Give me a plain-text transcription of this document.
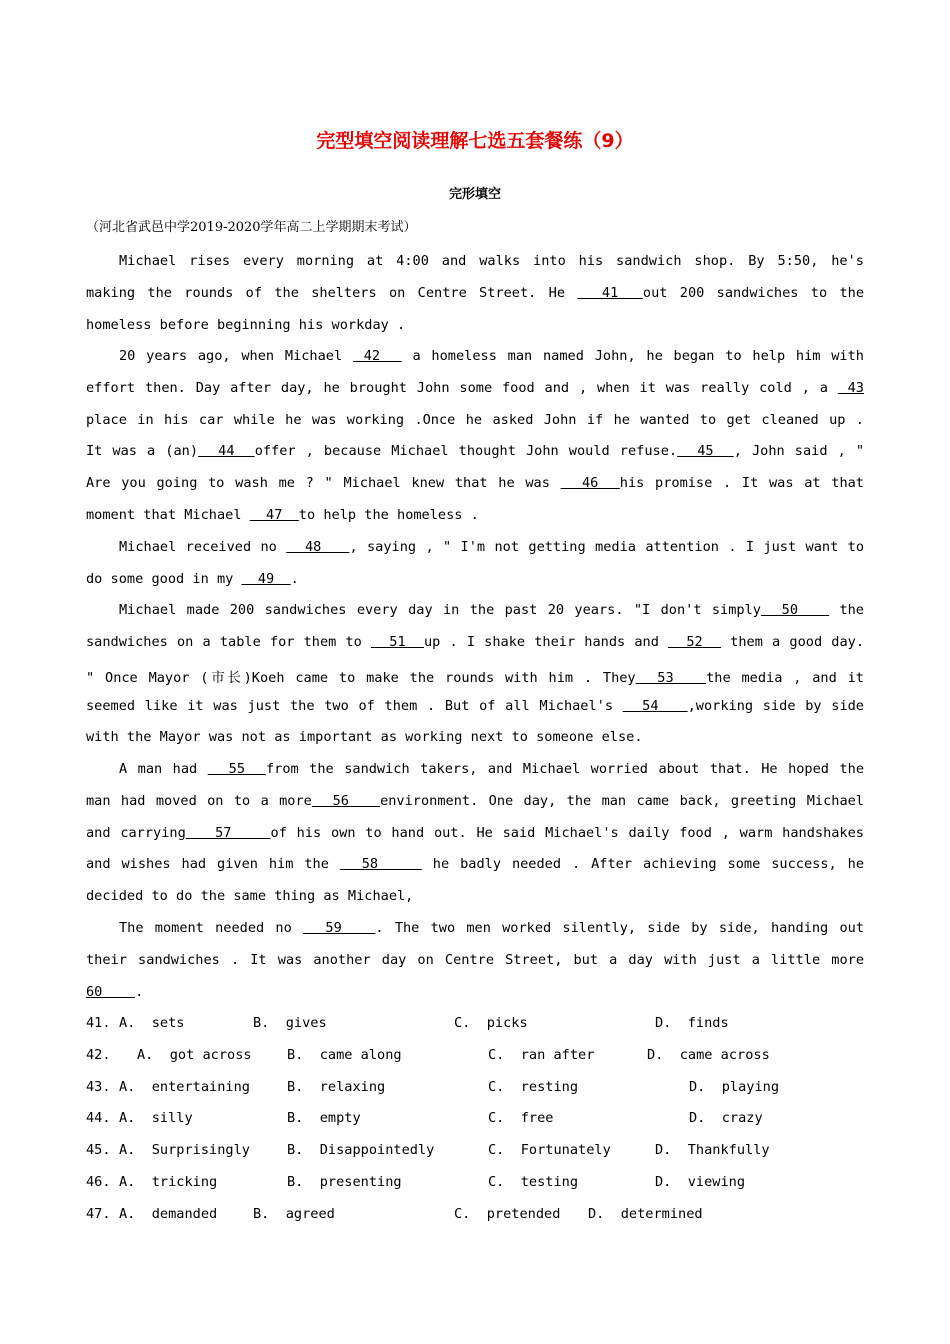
完型填空阅读理解七选五套餐练（9）
完形填空
（河北省武邑中学2019-2020学年高二上学期期末考试）
Michael rises every morning at 4:00 and walks into his sandwich shop. By 5:50, he's
making the rounds of the shelters on Centre Street. He   41  out 200 sandwiches to the
homeless before beginning his workday .
20 years ago, when Michael  42   a homeless man named John, he began to help him with
effort then. Day after day, he brought John some food and , when it was really cold , a  43
place in his car while he was working .Once he asked John if he wanted to get cleaned up .
It was a (an)  44  offer , because Michael thought John would refuse.  45  , John said , "
Are you going to wash me ? " Michael knew that he was   46  his promise . It was at that
moment that Michael   47  to help the homeless .
Michael received no   48   , saying , " I'm not getting media attention . I just want to
do some good in my   49  .
Michael made 200 sandwiches every day in the past 20 years. "I don't simply  50    the
sandwiches on a table for them to   51  up . I shake their hands and   52   them a good day.
" Once Mayor (市长)Koeh came to make the rounds with him . They  53   the media , and it
seemed like it was just the two of them . But of all Michael's   54   ,working side by side
with the Mayor was not as important as working next to someone else.
A man had   55  from the sandwich takers, and Michael worried about that. He hoped the
man had moved on to a more  56   environment. One day, the man came back, greeting Michael
and carrying   57    of his own to hand out. He said Michael's daily food , warm handshakes
and wishes had given him the   58     he badly needed . After achieving some success, he
decided to do the same thing as Michael,
The moment needed no   59   . The two men worked silently, side by side, handing out
their sandwiches . It was another day on Centre Street, but a day with just a little more
60    .
41. A.  sets	B.  gives	C.  picks	D.  finds
42. A.  got across	B.  came along	C.  ran after	D.  came across
43. A.  entertaining	B.  relaxing	C.  resting	D.  playing
44. A.  silly	B.  empty	C.  free	D.  crazy
45. A.  Surprisingly	B.  Disappointedly	C.  Fortunately	D.  Thankfully
46. A.  tricking	B.  presenting	C.  testing	D.  viewing
47. A.  demanded	B.  agreed	C.  pretended D.  determined
